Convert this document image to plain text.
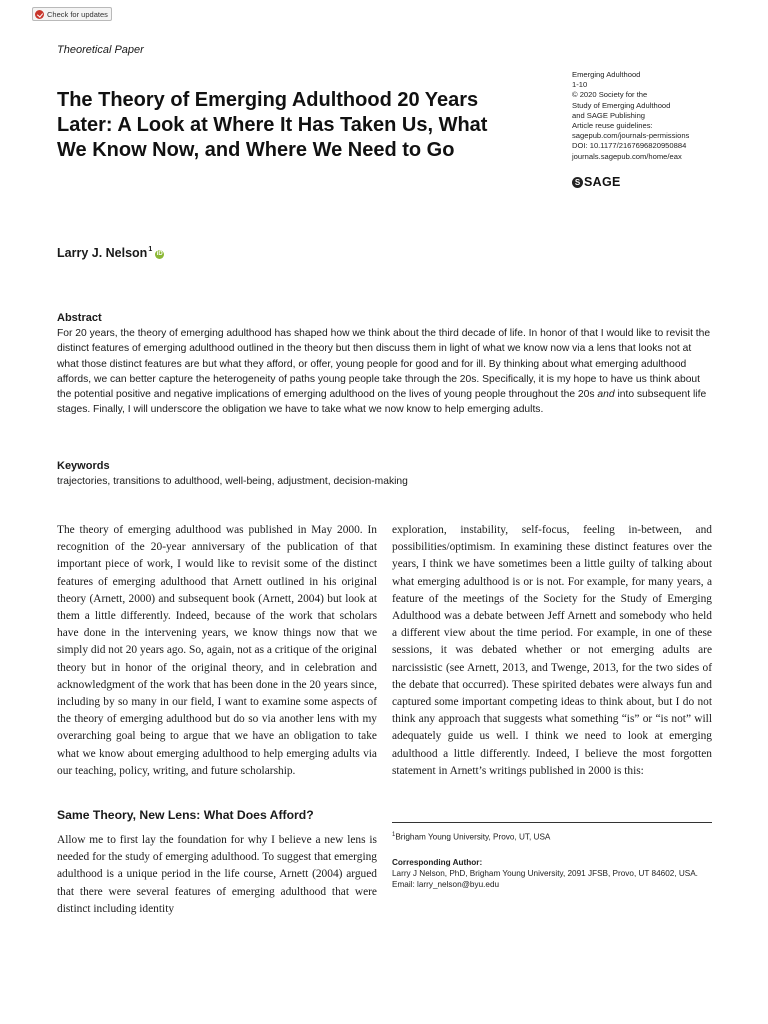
Check for updates
Theoretical Paper
The Theory of Emerging Adulthood 20 Years Later: A Look at Where It Has Taken Us, What We Know Now, and Where We Need to Go
Emerging Adulthood
1-10
© 2020 Society for the
Study of Emerging Adulthood
and SAGE Publishing
Article reuse guidelines:
sagepub.com/journals-permissions
DOI: 10.1177/2167696820950884
journals.sagepub.com/home/eax
S SAGE
Larry J. Nelson$^1$
iD
Abstract

For 20 years, the theory of emerging adulthood has shaped how we think about the third decade of life. In honor of that I would like to revisit the distinct features of emerging adulthood outlined in the theory but then discuss them in light of what we know now via a lens that looks not at what those distinct features are but what they afford, or offer, young people for good and for ill. By thinking about what emerging adulthood affords, we can better capture the heterogeneity of paths young people take through the 20s. Specifically, it is my hope to have us think about the potential positive and negative implications of emerging adulthood on the lives of young people throughout the 20s and into subsequent life stages. Finally, I will underscore the obligation we have to take what we now know to help emerging adults.

Keywords
trajectories, transitions to adulthood, well-being, adjustment, decision-making

The theory of emerging adulthood was published in May 2000. In recognition of the 20-year anniversary of the publication of that important piece of work, I would like to revisit some of the distinct features of emerging adulthood that Arnett outlined in his original theory (Arnett, 2000) and subsequent book (Arnett, 2004) but look at them a little differently. Indeed, because of the work that scholars have done in the intervening years, we know things now that we simply did not 20 years ago. So, again, not as a critique of the original theory but in honor of the original theory, and in celebration and acknowledgment of the work that has been done in the 20 years since, including by so many in our field, I want to examine some aspects of the theory of emerging adulthood but do so via another lens with my overarching goal being to argue that we have an obligation to take what we know about emerging adulthood to help emerging adults via our teaching, policy, writing, and future scholarship.

Same Theory, New Lens: What Does Afford?

Allow me to first lay the foundation for why I believe a new lens is needed for the study of emerging adulthood. To suggest that emerging adulthood is a unique period in the life course, Arnett (2004) argued that there were several features of emerging adulthood that were distinct including identity

exploration, instability, self-focus, feeling in-between, and possibilities/optimism. In examining these distinct features over the years, I think we have sometimes been a little guilty of talking about what emerging adulthood is or is not. For example, for many years, a feature of the meetings of the Society for the Study of Emerging Adulthood was a debate between Jeff Arnett and somebody who held a different view about the time period. For example, in one of these sessions, it was debated whether or not emerging adults are narcissistic (see Arnett, 2013, and Twenge, 2013, for the two sides of the debate that occurred). These spirited debates were always fun and captured some important competing ideas to think about, but I do not think any approach that suggests what something “is” or “is not” will adequately guide us well. I think we need to look at emerging adulthood a little differently. Indeed, I believe the most forgotten statement in Arnett’s writings published in 2000 is this:

$^1$Brigham Young University, Provo, UT, USA
Corresponding Author:
Larry J Nelson, PhD, Brigham Young University, 2091 JFSB, Provo, UT 84602, USA.
Email: larry_nelson@byu.edu
